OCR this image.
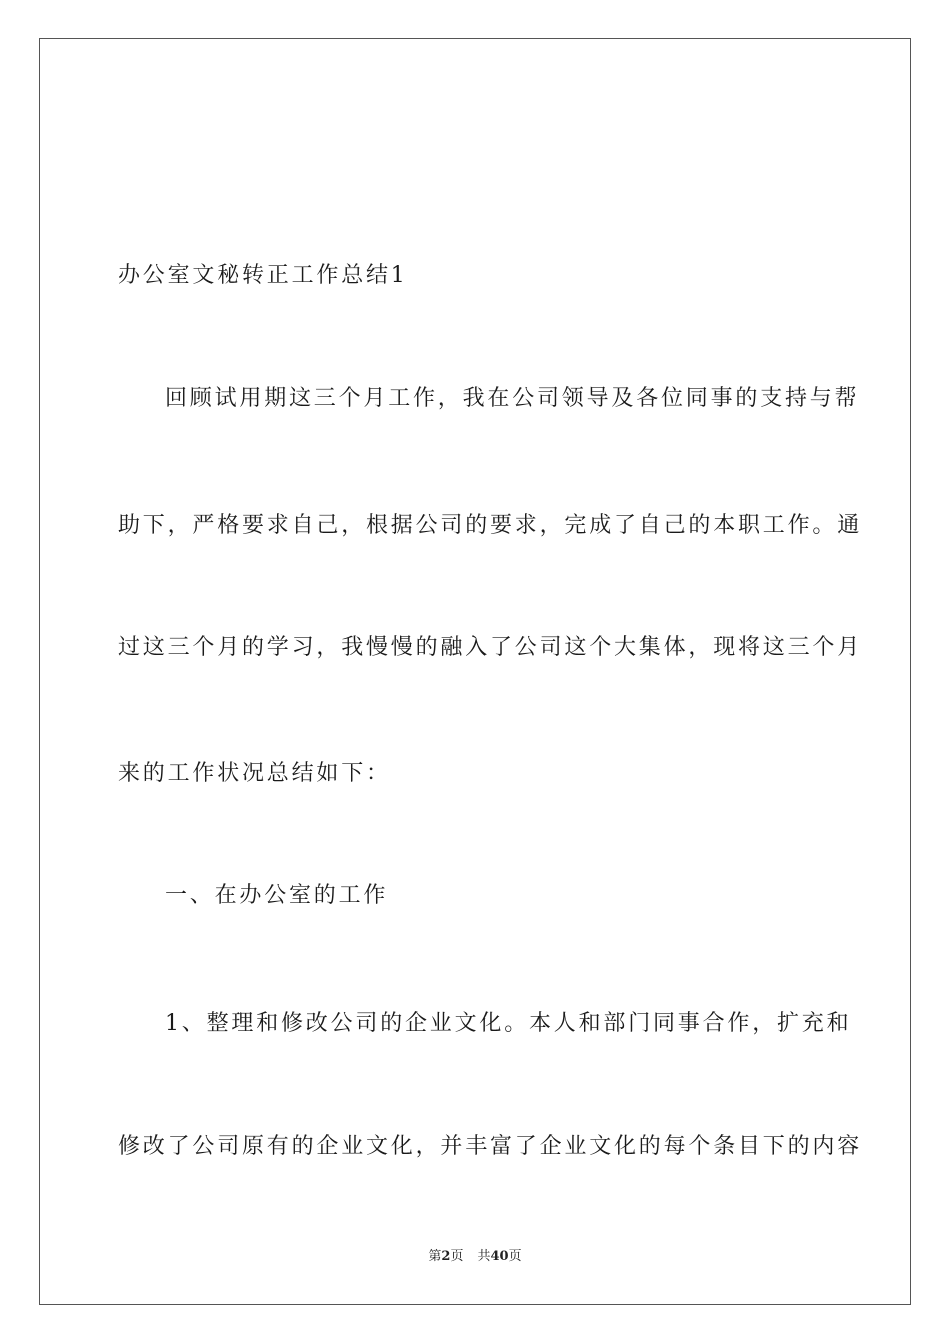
办公室文秘转正工作总结1
回顾试用期这三个月工作，我在公司领导及各位同事的支持与帮
助下，严格要求自己，根据公司的要求，完成了自己的本职工作。通
过这三个月的学习，我慢慢的融入了公司这个大集体，现将这三个月
来的工作状况总结如下：
一、在办公室的工作
1、整理和修改公司的企业文化。本人和部门同事合作，扩充和
修改了公司原有的企业文化，并丰富了企业文化的每个条目下的内容
第2页 共40页
